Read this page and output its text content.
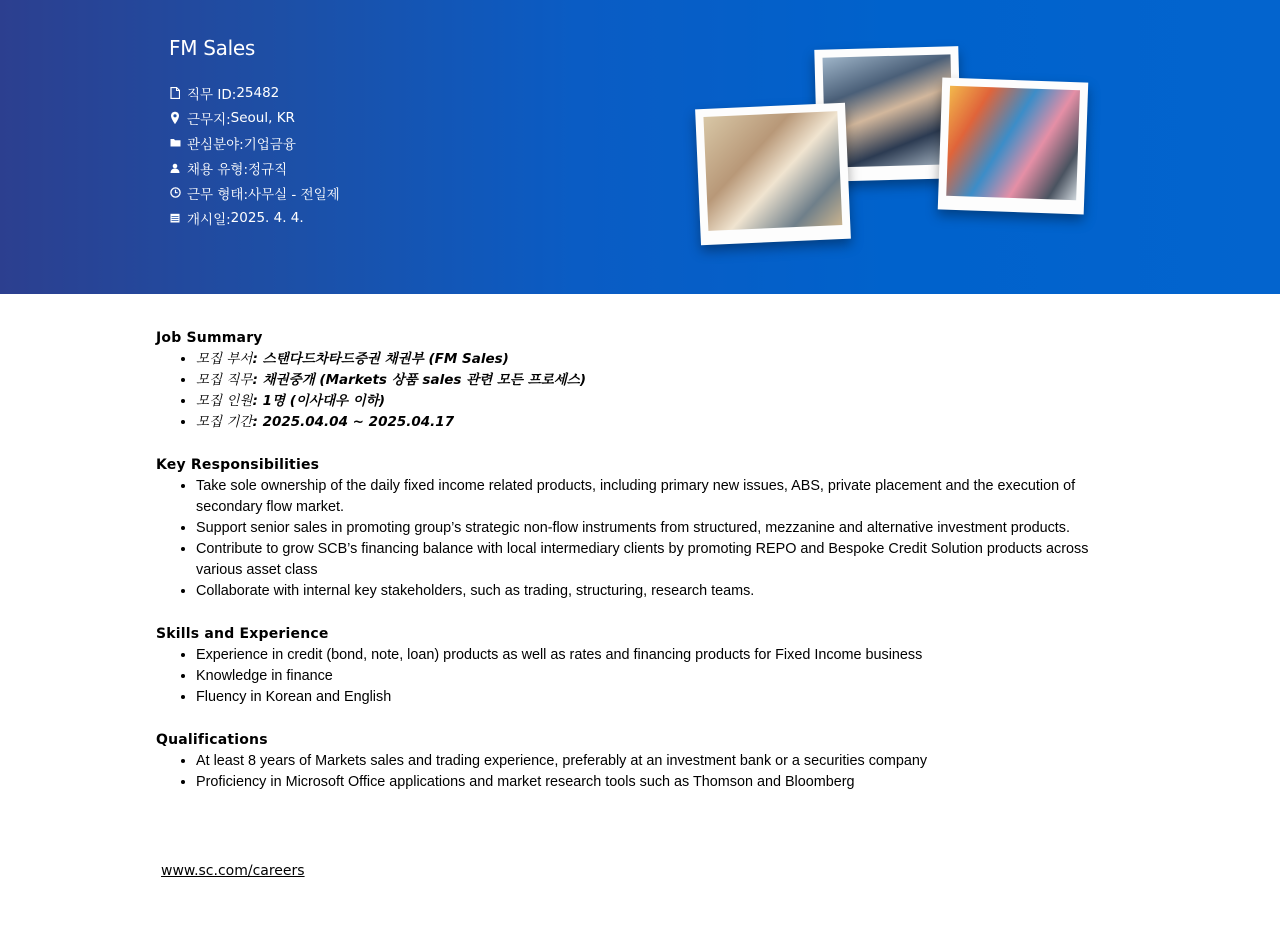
FM Sales
직무 ID: 25482
근무지: Seoul, KR
관심분야: 기업금융
채용 유형: 정규직
근무 형태: 사무실 - 전일제
개시일: 2025. 4. 4.
Job Summary
• 모집 부서: 스탠다드차타드증권 채권부 (FM Sales)
• 모집 직무: 채권중개 (Markets 상품 sales 관련 모든 프로세스)
• 모집 인원: 1명 (이사대우 이하)
• 모집 기간: 2025.04.04 ~ 2025.04.17
Key Responsibilities
• Take sole ownership of the daily fixed income related products, including primary new issues, ABS, private placement and the execution of secondary flow market.
• Support senior sales in promoting group’s strategic non-flow instruments from structured, mezzanine and alternative investment products.
• Contribute to grow SCB’s financing balance with local intermediary clients by promoting REPO and Bespoke Credit Solution products across various asset class
• Collaborate with internal key stakeholders, such as trading, structuring, research teams.
Skills and Experience
• Experience in credit (bond, note, loan) products as well as rates and financing products for Fixed Income business
• Knowledge in finance
• Fluency in Korean and English
Qualifications
• At least 8 years of Markets sales and trading experience, preferably at an investment bank or a securities company
• Proficiency in Microsoft Office applications and market research tools such as Thomson and Bloomberg
www.sc.com/careers
